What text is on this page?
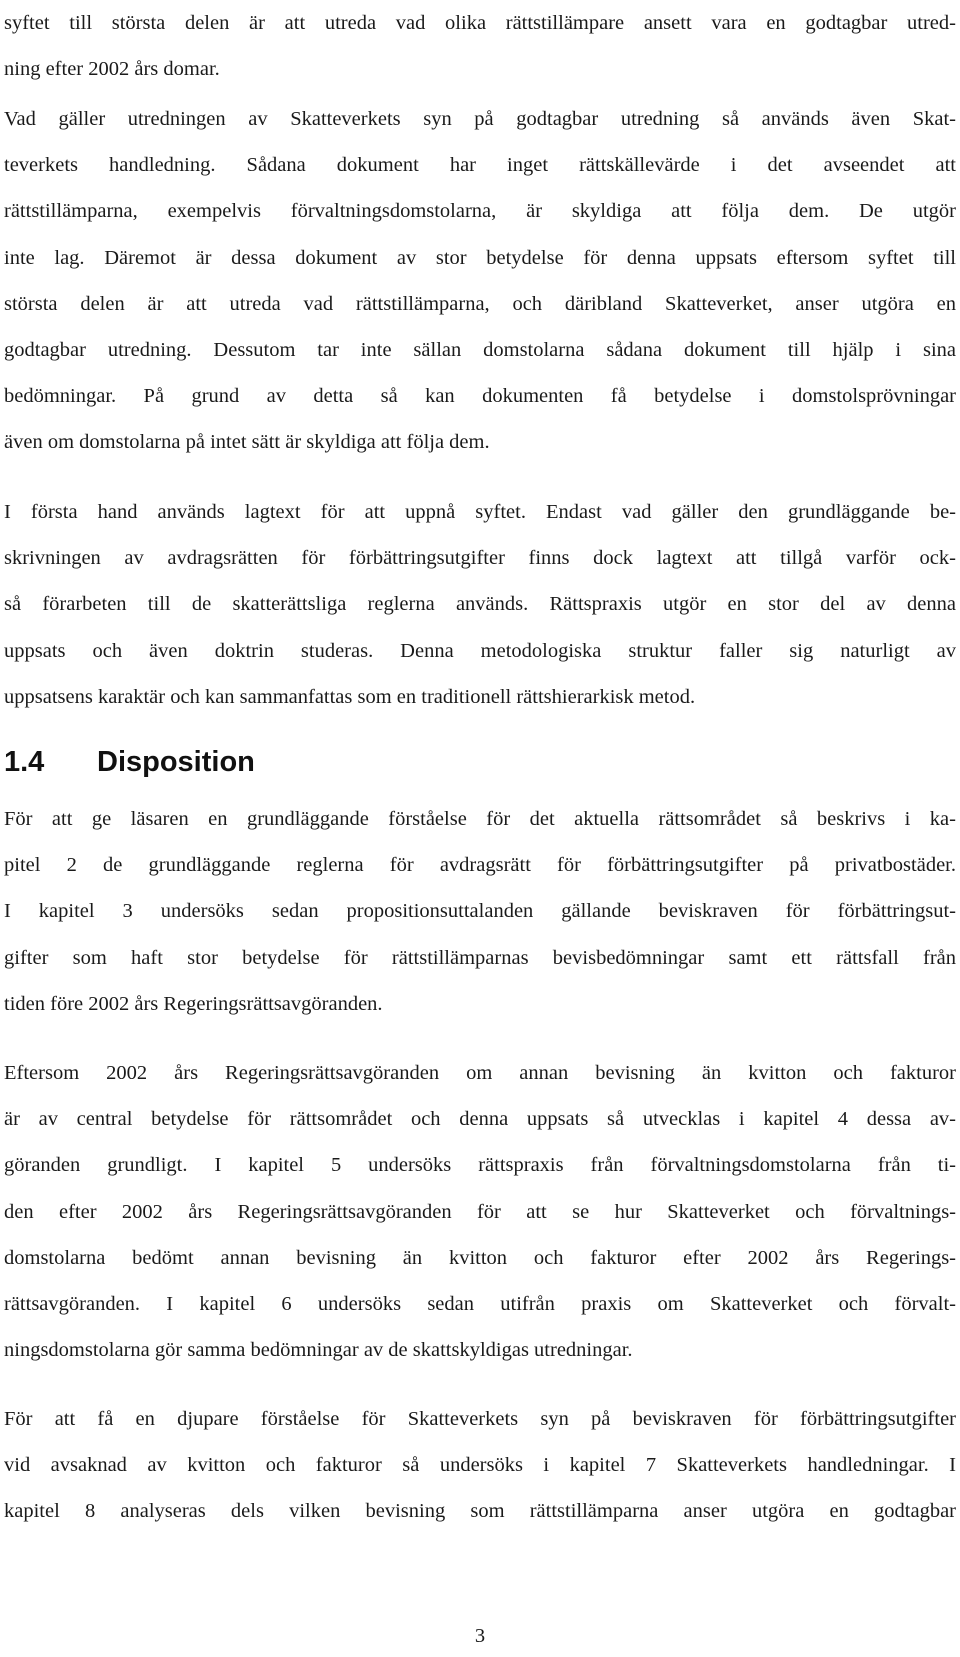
syftet till största delen är att utreda vad olika rättstillämpare ansett vara en godtagbar utred-
ning efter 2002 års domar.

Vad gäller utredningen av Skatteverkets syn på godtagbar utredning så används även Skat-
teverkets handledning. Sådana dokument har inget rättskällevärde i det avseendet att
rättstillämparna, exempelvis förvaltningsdomstolarna, är skyldiga att följa dem. De utgör
inte lag. Däremot är dessa dokument av stor betydelse för denna uppsats eftersom syftet till
största delen är att utreda vad rättstillämparna, och däribland Skatteverket, anser utgöra en
godtagbar utredning. Dessutom tar inte sällan domstolarna sådana dokument till hjälp i sina
bedömningar. På grund av detta så kan dokumenten få betydelse i domstolsprövningar
även om domstolarna på intet sätt är skyldiga att följa dem.

I första hand används lagtext för att uppnå syftet. Endast vad gäller den grundläggande be-
skrivningen av avdragsrätten för förbättringsutgifter finns dock lagtext att tillgå varför ock-
så förarbeten till de skatterättsliga reglerna används. Rättspraxis utgör en stor del av denna
uppsats och även doktrin studeras. Denna metodologiska struktur faller sig naturligt av
uppsatsens karaktär och kan sammanfattas som en traditionell rättshierarkisk metod.

1.4 Disposition

För att ge läsaren en grundläggande förståelse för det aktuella rättsområdet så beskrivs i ka-
pitel 2 de grundläggande reglerna för avdragsrätt för förbättringsutgifter på privatbostäder.
I kapitel 3 undersöks sedan propositionsuttalanden gällande beviskraven för förbättringsut-
gifter som haft stor betydelse för rättstillämparnas bevisbedömningar samt ett rättsfall från
tiden före 2002 års Regeringsrättsavgöranden.

Eftersom 2002 års Regeringsrättsavgöranden om annan bevisning än kvitton och fakturor
är av central betydelse för rättsområdet och denna uppsats så utvecklas i kapitel 4 dessa av-
göranden grundligt. I kapitel 5 undersöks rättspraxis från förvaltningsdomstolarna från ti-
den efter 2002 års Regeringsrättsavgöranden för att se hur Skatteverket och förvaltnings-
domstolarna bedömt annan bevisning än kvitton och fakturor efter 2002 års Regerings-
rättsavgöranden. I kapitel 6 undersöks sedan utifrån praxis om Skatteverket och förvalt-
ningsdomstolarna gör samma bedömningar av de skattskyldigas utredningar.

För att få en djupare förståelse för Skatteverkets syn på beviskraven för förbättringsutgifter
vid avsaknad av kvitton och fakturor så undersöks i kapitel 7 Skatteverkets handledningar. I
kapitel 8 analyseras dels vilken bevisning som rättstillämparna anser utgöra en godtagbar

3
